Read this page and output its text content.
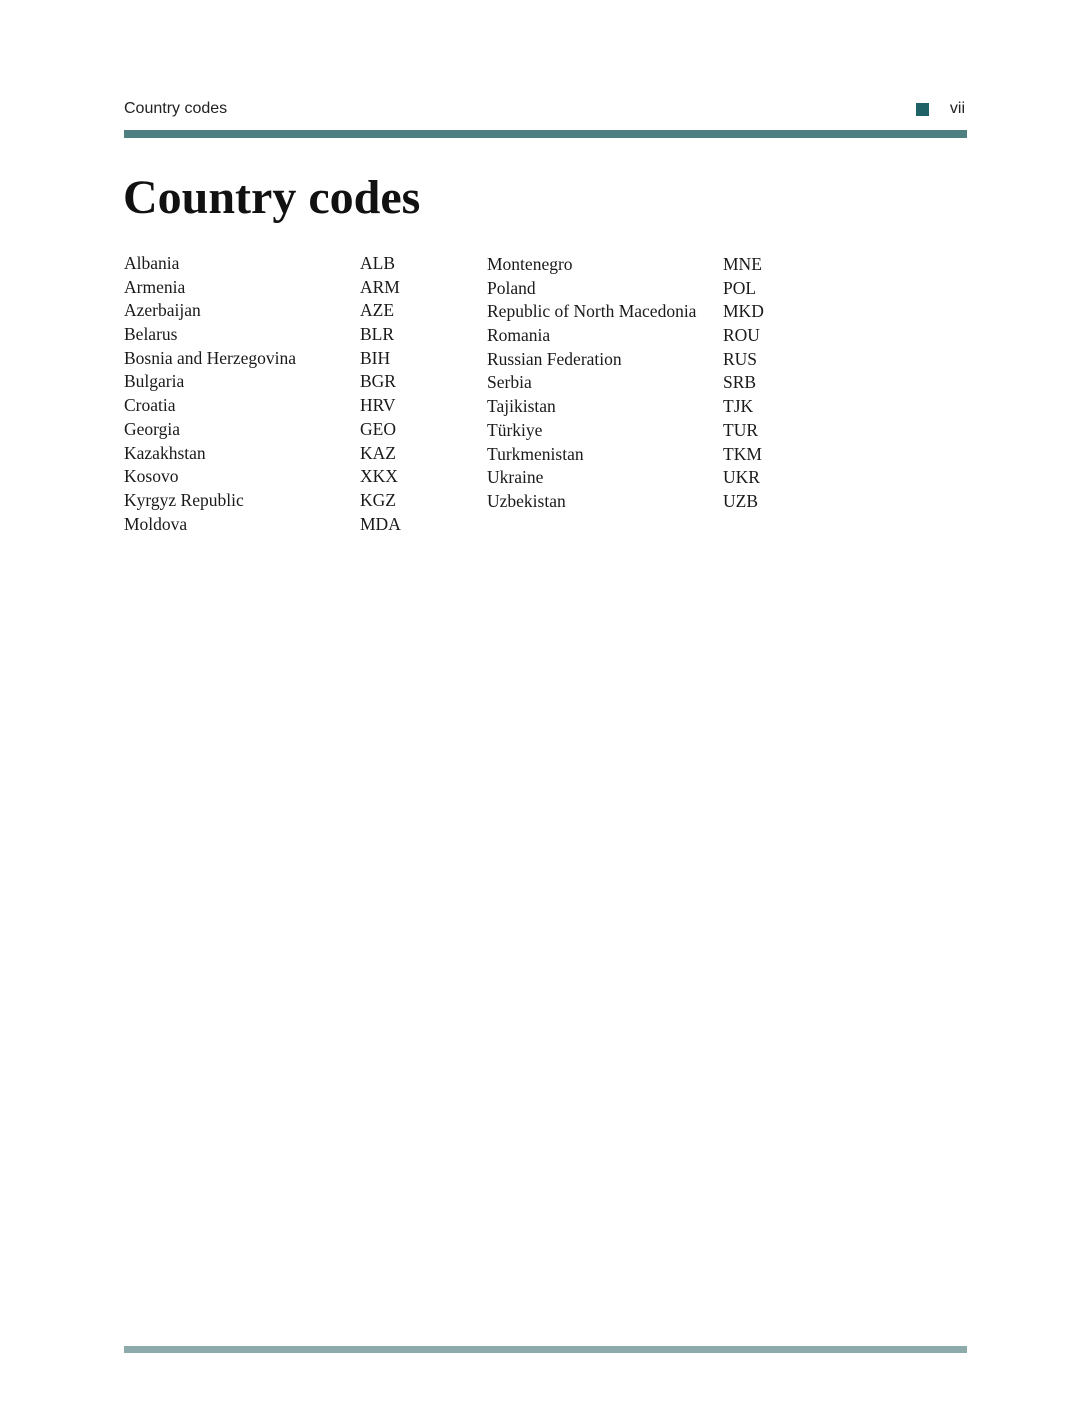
Country codes	vii
Country codes
Albania	ALB
Armenia	ARM
Azerbaijan	AZE
Belarus	BLR
Bosnia and Herzegovina	BIH
Bulgaria	BGR
Croatia	HRV
Georgia	GEO
Kazakhstan	KAZ
Kosovo	XKX
Kyrgyz Republic	KGZ
Moldova	MDA
Montenegro	MNE
Poland	POL
Republic of North Macedonia MKD
Romania	ROU
Russian Federation	RUS
Serbia	SRB
Tajikistan	TJK
Türkiye	TUR
Turkmenistan	TKM
Ukraine	UKR
Uzbekistan	UZB
